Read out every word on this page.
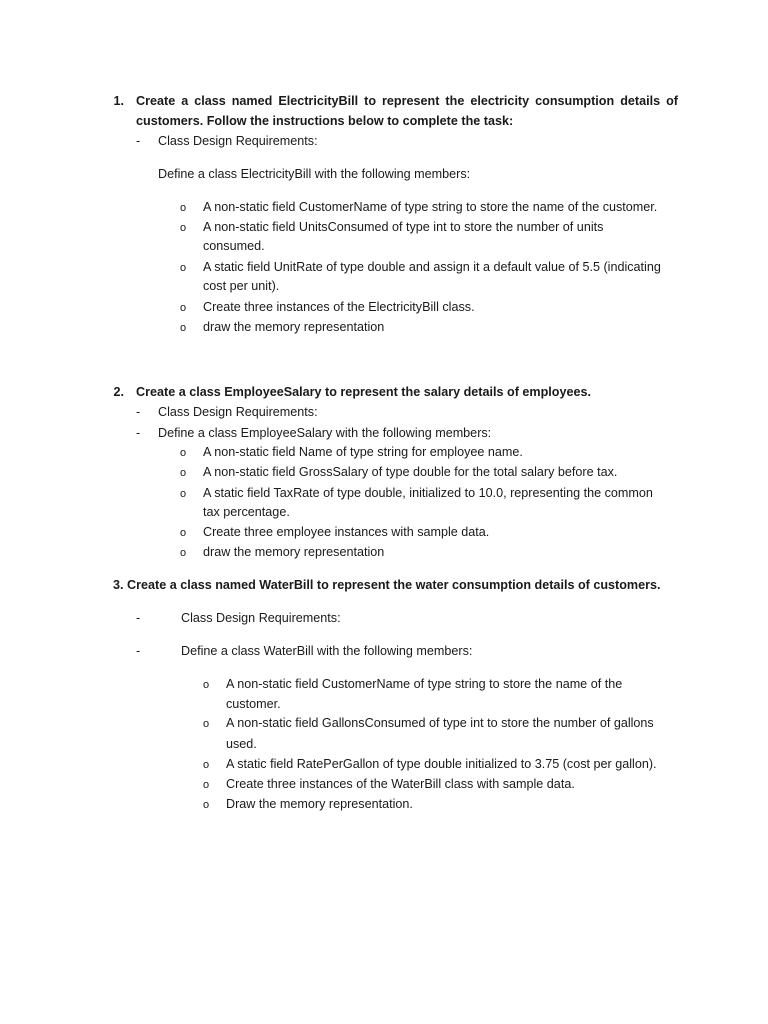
1. Create a class named ElectricityBill to represent the electricity consumption details of
customers. Follow the instructions below to complete the task:
- Class Design Requirements:
Define a class ElectricityBill with the following members:
o A non-static field CustomerName of type string to store the name of the customer.
o A non-static field UnitsConsumed of type int to store the number of units
consumed.
o A static field UnitRate of type double and assign it a default value of 5.5 (indicating
cost per unit).
o Create three instances of the ElectricityBill class.
o draw the memory representation
2. Create a class EmployeeSalary to represent the salary details of employees.
- Class Design Requirements:
- Define a class EmployeeSalary with the following members:
o A non-static field Name of type string for employee name.
o A non-static field GrossSalary of type double for the total salary before tax.
o A static field TaxRate of type double, initialized to 10.0, representing the common
tax percentage.
o Create three employee instances with sample data.
o draw the memory representation
3. Create a class named WaterBill to represent the water consumption details of customers.
-	Class Design Requirements:
-	Define a class WaterBill with the following members:
o A non-static field CustomerName of type string to store the name of the
customer.
o A non-static field GallonsConsumed of type int to store the number of gallons
used.
o A static field RatePerGallon of type double initialized to 3.75 (cost per gallon).
o Create three instances of the WaterBill class with sample data.
o Draw the memory representation.
